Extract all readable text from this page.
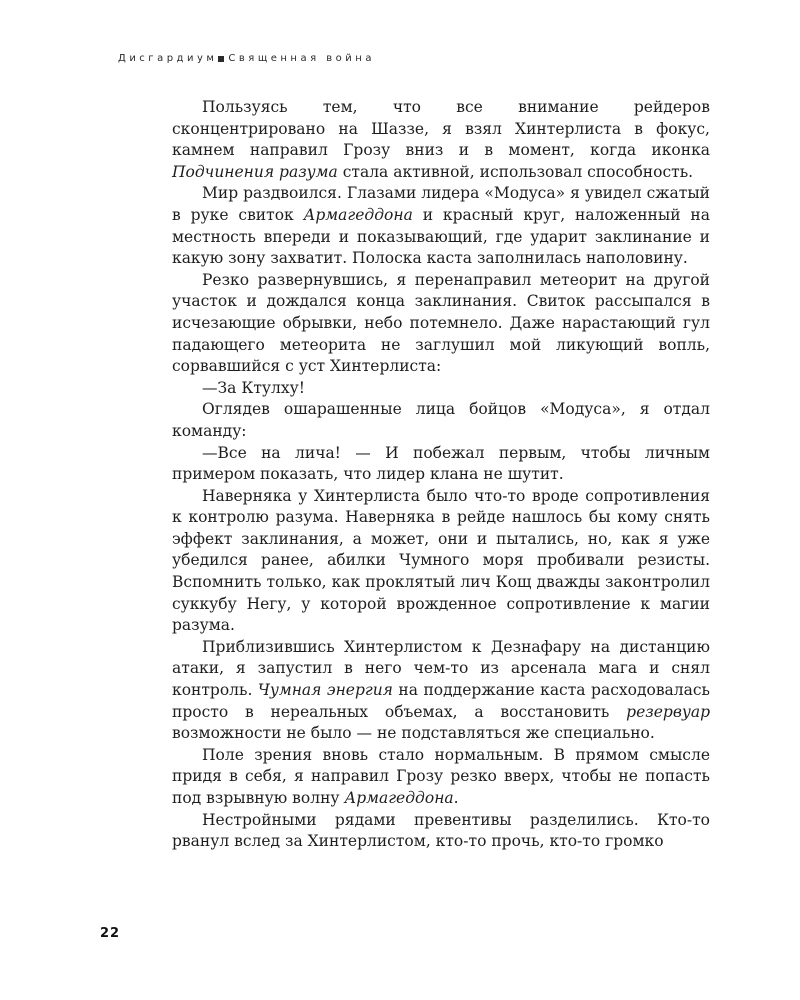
Дисгардиум Священная война

Пользуясь тем, что все внимание рейдеров сконцентрировано на Шаззе, я взял Хинтерлиста в фокус, камнем направил Грозу вниз и в момент, когда иконка Подчинения разума стала активной, использовал способность.

Мир раздвоился. Глазами лидера «Модуса» я увидел сжатый в руке свиток Армагеддона и красный круг, наложенный на местность впереди и показывающий, где ударит заклинание и какую зону захватит. Полоска каста заполнилась наполовину.

Резко развернувшись, я перенаправил метеорит на другой участок и дождался конца заклинания. Свиток рассыпался в исчезающие обрывки, небо потемнело. Даже нарастающий гул падающего метеорита не заглушил мой ликующий вопль, сорвавшийся с уст Хинтерлиста:

—За Ктулху!

Оглядев ошарашенные лица бойцов «Модуса», я отдал команду:

—Все на лича! — И побежал первым, чтобы личным примером показать, что лидер клана не шутит.

Наверняка у Хинтерлиста было что-то вроде сопротивления к контролю разума. Наверняка в рейде нашлось бы кому снять эффект заклинания, а может, они и пытались, но, как я уже убедился ранее, абилки Чумного моря пробивали резисты. Вспомнить только, как проклятый лич Кощ дважды законтролил суккубу Негу, у которой врожденное сопротивление к магии разума.

Приблизившись Хинтерлистом к Дезнафару на дистанцию атаки, я запустил в него чем-то из арсенала мага и снял контроль. Чумная энергия на поддержание каста расходовалась просто в нереальных объемах, а восстановить резервуар возможности не было — не подставляться же специально.

Поле зрения вновь стало нормальным. В прямом смысле придя в себя, я направил Грозу резко вверх, чтобы не попасть под взрывную волну Армагеддона.

Нестройными рядами превентивы разделились. Кто-то рванул вслед за Хинтерлистом, кто-то прочь, кто-то громко

22
